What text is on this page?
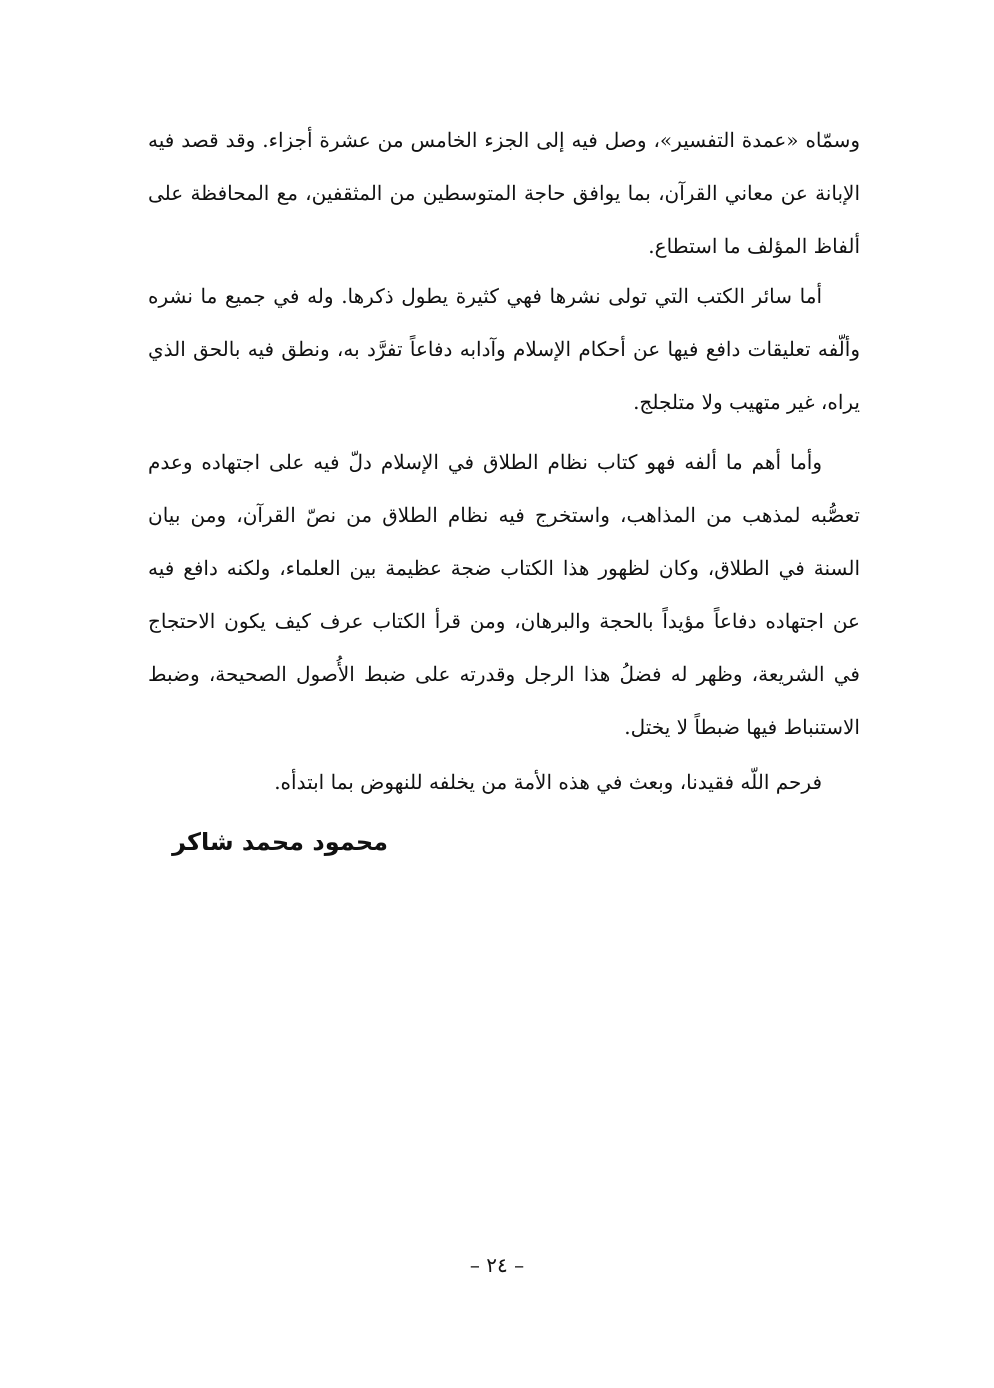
وسمّاه «عمدة التفسير»، وصل فيه إلى الجزء الخامس من عشرة أجزاء. وقد قصد فيه الإبانة عن معاني القرآن، بما يوافق حاجة المتوسطين من المثقفين، مع المحافظة على ألفاظ المؤلف ما استطاع.

أما سائر الكتب التي تولى نشرها فهي كثيرة يطول ذكرها. وله في جميع ما نشره وألّفه تعليقات دافع فيها عن أحكام الإسلام وآدابه دفاعاً تفرَّد به، ونطق فيه بالحق الذي يراه، غير متهيب ولا متلجلج.

وأما أهم ما ألفه فهو كتاب نظام الطلاق في الإسلام دلّ فيه على اجتهاده وعدم تعصُّبه لمذهب من المذاهب، واستخرج فيه نظام الطلاق من نصّ القرآن، ومن بيان السنة في الطلاق، وكان لظهور هذا الكتاب ضجة عظيمة بين العلماء، ولكنه دافع فيه عن اجتهاده دفاعاً مؤيداً بالحجة والبرهان، ومن قرأ الكتاب عرف كيف يكون الاحتجاج في الشريعة، وظهر له فضلُ هذا الرجل وقدرته على ضبط الأُصول الصحيحة، وضبط الاستنباط فيها ضبطاً لا يختل.

فرحم اللّه فقيدنا، وبعث في هذه الأمة من يخلفه للنهوض بما ابتدأه.

محمود محمد شاكر
– ٢٤ –
